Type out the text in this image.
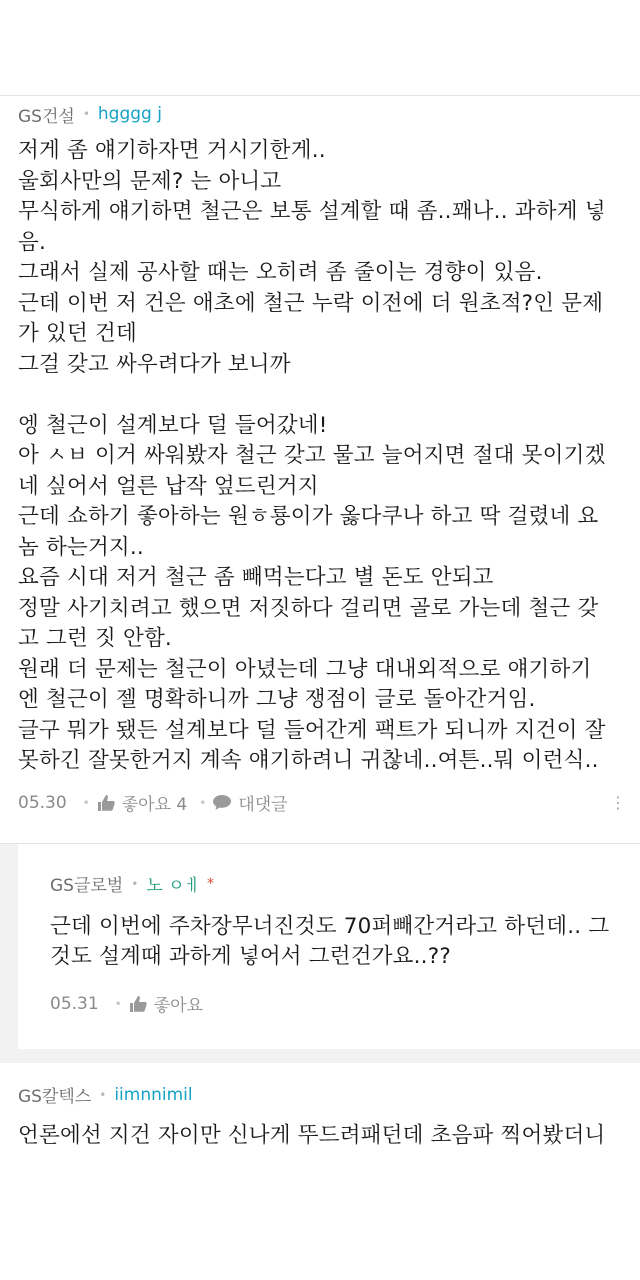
GS건설 • hgggg j
저게 좀 얘기하자면 거시기한게..
울회사만의 문제? 는 아니고
무식하게 얘기하면 철근은 보통 설계할 때 좀..꽤나.. 과하게 넣
음.
그래서 실제 공사할 때는 오히려 좀 줄이는 경향이 있음.
근데 이번 저 건은 애초에 철근 누락 이전에 더 원초적?인 문제
가 있던 건데
그걸 갖고 싸우려다가 보니까

엥 철근이 설계보다 덜 들어갔네!
아 ㅅㅂ 이거 싸워봤자 철근 갖고 물고 늘어지면 절대 못이기겠
네 싶어서 얼른 납작 엎드린거지
근데 쇼하기 좋아하는 원ㅎ룡이가 옳다쿠나 하고 딱 걸렸네 요
놈 하는거지..
요즘 시대 저거 철근 좀 빼먹는다고 별 돈도 안되고
정말 사기치려고 했으면 저짓하다 걸리면 골로 가는데 철근 갖
고 그런 짓 안함.
원래 더 문제는 철근이 아녔는데 그냥 대내외적으로 얘기하기
엔 철근이 젤 명확하니까 그냥 쟁점이 글로 돌아간거임.
글구 뭐가 됐든 설계보다 덜 들어간게 팩트가 되니까 지건이 잘
못하긴 잘못한거지 계속 얘기하려니 귀찮네..여튼..뭐 이런식..
05.30 • 좋아요 4 • 대댓글	⋮
GS글로벌 • 노 ㅇㅔ *
근데 이번에 주차장무너진것도 70퍼빼간거라고 하던데.. 그
것도 설계때 과하게 넣어서 그런건가요..??
05.31 • 좋아요
GS칼텍스 • iimnnimil
언론에선 지건 자이만 신나게 뚜드려패던데 초음파 찍어봤더니
